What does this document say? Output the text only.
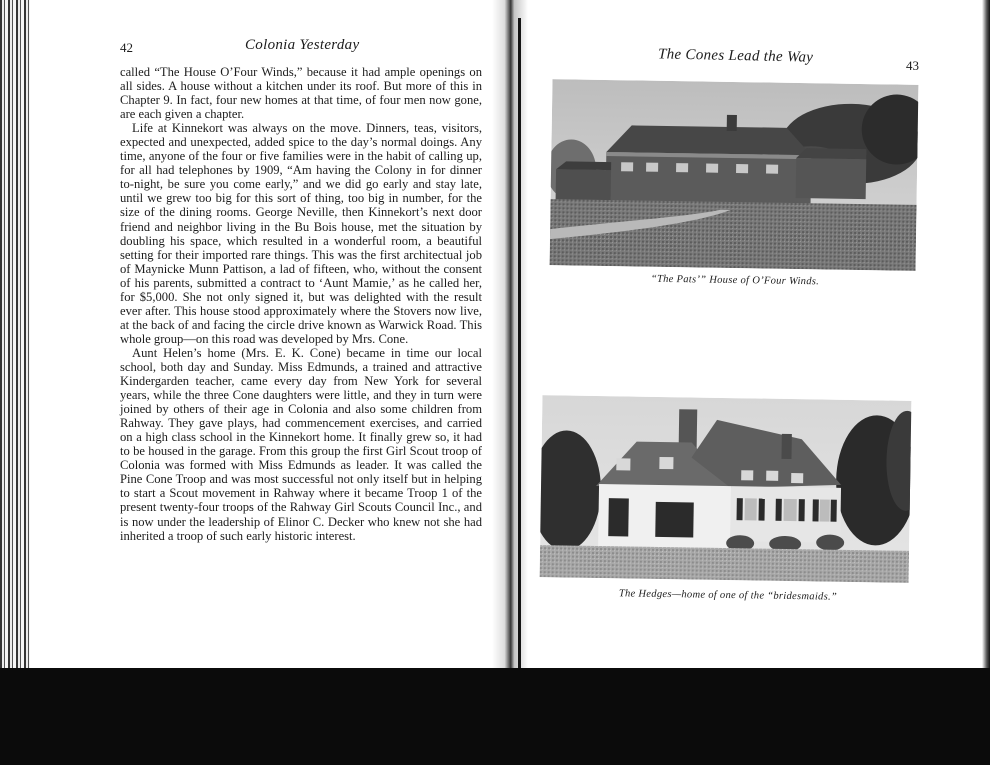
42	Colonia Yesterday

called “The House O’Four Winds,” because it had ample openings on all sides. A house without a kitchen under its roof. But more of this in Chapter 9. In fact, four new homes at that time, of four men now gone, are each given a chapter.

Life at Kinnekort was always on the move. Dinners, teas, visitors, expected and unexpected, added spice to the day’s normal doings. Any time, anyone of the four or five families were in the habit of calling up, for all had telephones by 1909, “Am having the Colony in for dinner to-night, be sure you come early,” and we did go early and stay late, until we grew too big for this sort of thing, too big in number, for the size of the dining rooms. George Neville, then Kinnekort’s next door friend and neighbor living in the Bu Bois house, met the situation by doubling his space, which resulted in a wonderful room, a beautiful setting for their imported rare things. This was the first architectual job of Maynicke Munn Pattison, a lad of fifteen, who, without the consent of his parents, submitted a contract to ‘Aunt Mamie,’ as he called her, for $5,000. She not only signed it, but was delighted with the result ever after. This house stood approximately where the Stovers now live, at the back of and facing the circle drive known as Warwick Road. This whole group—on this road was developed by Mrs. Cone.

Aunt Helen’s home (Mrs. E. K. Cone) became in time our local school, both day and Sunday. Miss Edmunds, a trained and attractive Kindergarden teacher, came every day from New York for several years, while the three Cone daughters were little, and they in turn were joined by others of their age in Colonia and also some children from Rahway. They gave plays, had commencement exercises, and carried on a high class school in the Kinnekort home. It finally grew so, it had to be housed in the garage. From this group the first Girl Scout troop of Colonia was formed with Miss Edmunds as leader. It was called the Pine Cone Troop and was most successful not only itself but in helping to start a Scout movement in Rahway where it became Troop 1 of the present twenty-four troops of the Rahway Girl Scouts Council Inc., and is now under the leadership of Elinor C. Decker who knew not she had inherited a troop of such early historic interest.

The Cones Lead the Way	43
“The Pats’” House of O’Four Winds.
The Hedges—home of one of the “bridesmaids.”
